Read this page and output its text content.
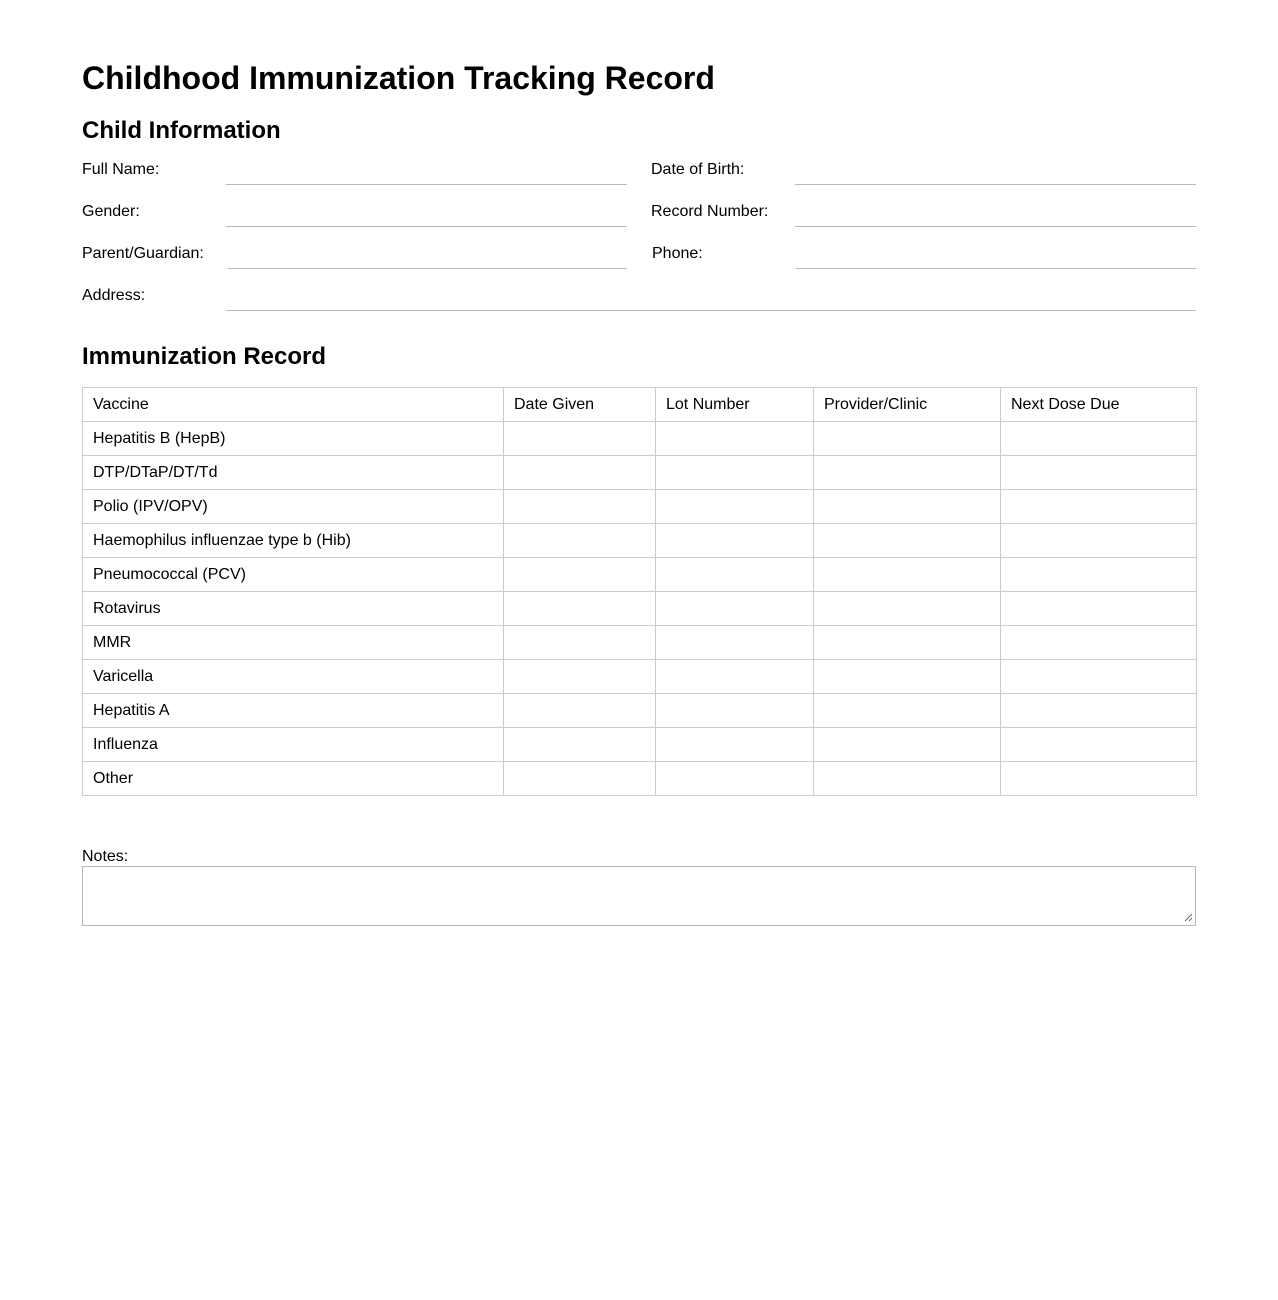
Childhood Immunization Tracking Record
Child Information
Full Name:	Date of Birth:
Gender:	Record Number:
Parent/Guardian:	Phone:
Address:
Immunization Record
Vaccine	Date Given	Lot Number	Provider/Clinic	Next Dose Due
Hepatitis B (HepB)				
DTP/DTaP/DT/Td				
Polio (IPV/OPV)				
Haemophilus influenzae type b (Hib)				
Pneumococcal (PCV)				
Rotavirus				
MMR				
Varicella				
Hepatitis A				
Influenza				
Other				
Notes:
